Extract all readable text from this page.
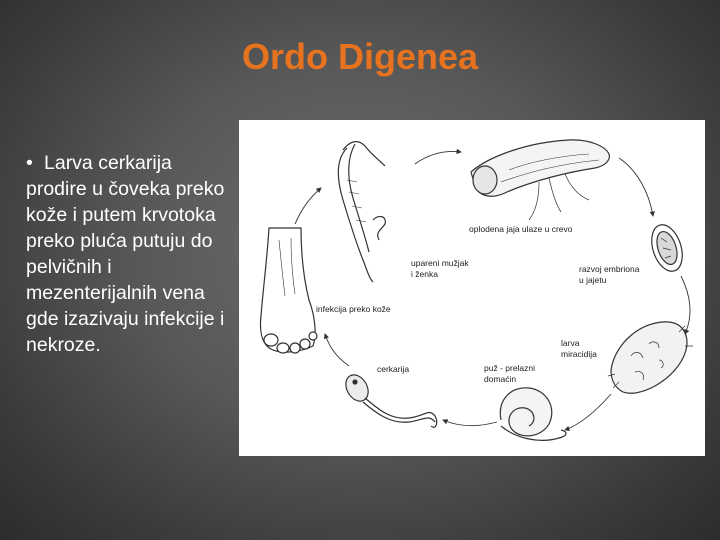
Ordo Digenea
• Larva cerkarija prodire u čoveka preko kože i putem krvotoka preko pluća putuju do pelvičnih i mezenterijalnih vena gde izazivaju infekcije i nekroze.
oplodena jaja ulaze u crevo
upareni mužjak
i ženka	razvoj embriona
u jajetu
infekcija preko kože
larva
miracidija
puž - prelazni
domaćin
cerkarija
